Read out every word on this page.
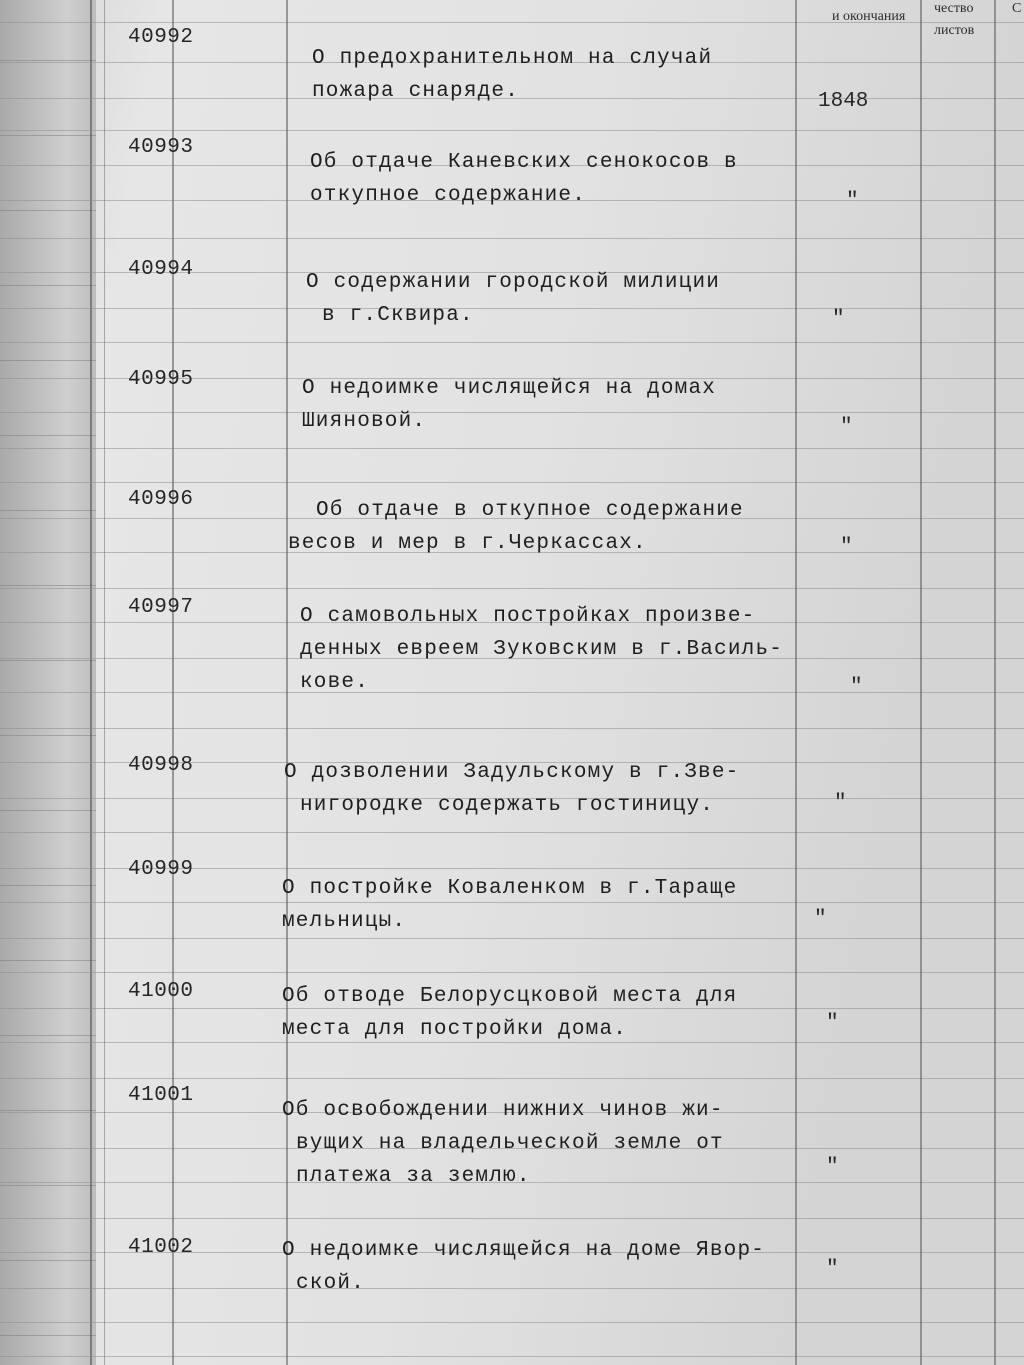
и окончания
чество
листов
С
40992
О предохранительном на случай
пожара снаряде.	1848
40993
Об отдаче Каневских сенокосов в
откупное содержание.	"
40994
О содержании городской милиции
в г.Сквира.	"
40995	О недоимке числящейся на домах
Шияновой.	"
40996	Об отдаче в откупное содержание
весов и мер в г.Черкассах.	"
40997	О самовольных постройках произве-
денных евреем Зуковским в г.Василь-
кове.	"
40998	О дозволении Задульскому в г.Зве-
нигородке содержать гостиницу.	"
40999
О постройке Коваленком в г.Тараще
мельницы.	"
41000	Об отводе Белорусцковой места для
места для постройки дома.	"
41001
Об освобождении нижних чинов жи-
вущих на владельческой земле от
платежа за землю.	"
41002	О недоимке числящейся на доме Явор-
ской.
"
